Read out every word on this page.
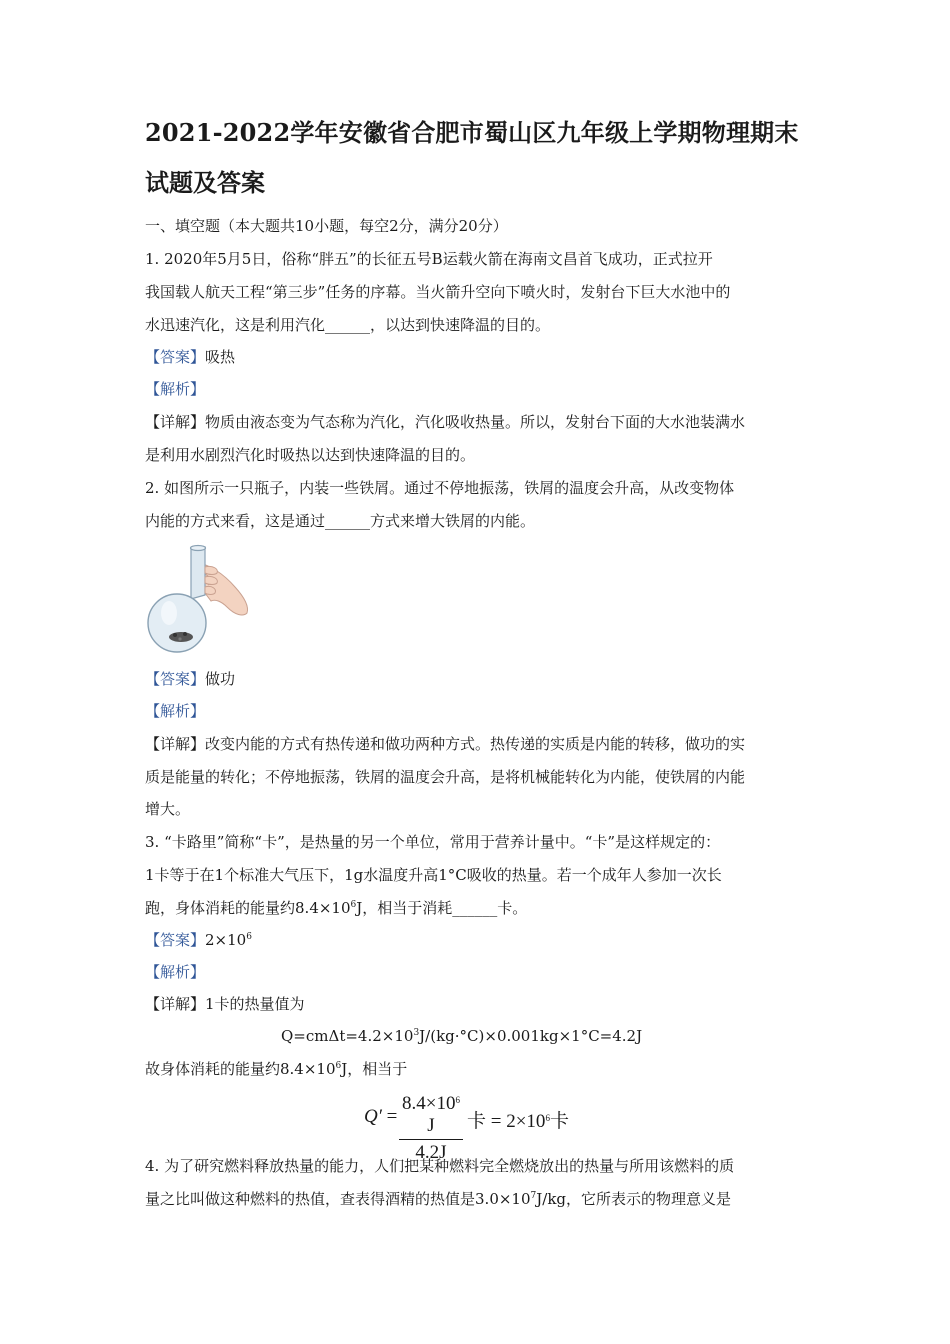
2021-2022学年安徽省合肥市蜀山区九年级上学期物理期末
试题及答案
一、填空题（本大题共10小题，每空2分，满分20分）
1. 2020年5月5日，俗称“胖五”的长征五号B运载火箭在海南文昌首飞成功，正式拉开
我国载人航天工程“第三步”任务的序幕。当火箭升空向下喷火时，发射台下巨大水池中的
水迅速汽化，这是利用汽化______，以达到快速降温的目的。
【答案】吸热
【解析】
【详解】物质由液态变为气态称为汽化，汽化吸收热量。所以，发射台下面的大水池装满水
是利用水剧烈汽化时吸热以达到快速降温的目的。
2. 如图所示一只瓶子，内装一些铁屑。通过不停地振荡，铁屑的温度会升高，从改变物体
内能的方式来看，这是通过______方式来增大铁屑的内能。
【答案】做功
【解析】
【详解】改变内能的方式有热传递和做功两种方式。热传递的实质是内能的转移，做功的实
质是能量的转化；不停地振荡，铁屑的温度会升高，是将机械能转化为内能，使铁屑的内能
增大。
3. “卡路里”简称“卡”，是热量的另一个单位，常用于营养计量中。“卡”是这样规定的：
1卡等于在1个标准大气压下，1g水温度升高1°C吸收的热量。若一个成年人参加一次长
跑，身体消耗的能量约$8.4\times 10^6J$，相当于消耗______卡。
【答案】$2\times 10^6$
【解析】
【详解】1卡的热量值为
$Q=cm\Delta t=4.2\times 10^3J/(kg\cdot^\circ C)\times 0.001kg\times 1^\circ C=4.2J$
故身体消耗的能量约$8.4\times 10^6J$，相当于
Q′ =
$8.4\times 10^6$ J
4.2J
卡 = $2\times 10^6$卡
4. 为了研究燃料释放热量的能力，人们把某种燃料完全燃烧放出的热量与所用该燃料的质
量之比叫做这种燃料的热值，查表得酒精的热值是$3.0\times 10^7J/kg$，它所表示的物理意义是
